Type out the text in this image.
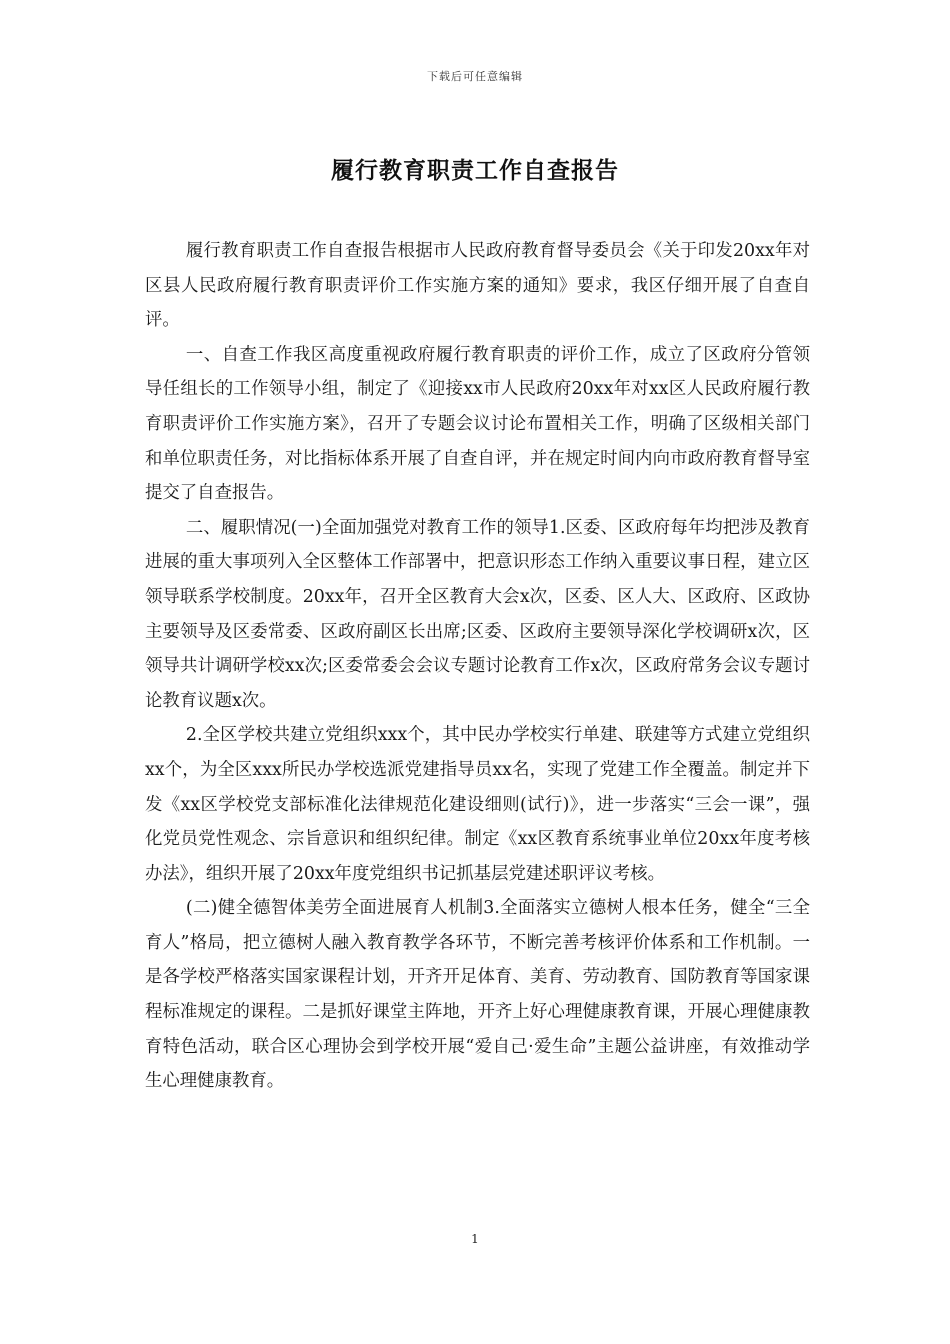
下载后可任意编辑
履行教育职责工作自查报告

履行教育职责工作自查报告根据市人民政府教育督导委员会《关于印发20xx年对区县人民政府履行教育职责评价工作实施方案的通知》要求，我区仔细开展了自查自评。

一、自查工作我区高度重视政府履行教育职责的评价工作，成立了区政府分管领导任组长的工作领导小组，制定了《迎接xx市人民政府20xx年对xx区人民政府履行教育职责评价工作实施方案》，召开了专题会议讨论布置相关工作，明确了区级相关部门和单位职责任务，对比指标体系开展了自查自评，并在规定时间内向市政府教育督导室提交了自查报告。

二、履职情况(一)全面加强党对教育工作的领导1.区委、区政府每年均把涉及教育进展的重大事项列入全区整体工作部署中，把意识形态工作纳入重要议事日程，建立区领导联系学校制度。20xx年，召开全区教育大会x次，区委、区人大、区政府、区政协主要领导及区委常委、区政府副区长出席;区委、区政府主要领导深化学校调研x次，区领导共计调研学校xx次;区委常委会会议专题讨论教育工作x次，区政府常务会议专题讨论教育议题x次。

2.全区学校共建立党组织xxx个，其中民办学校实行单建、联建等方式建立党组织xx个，为全区xxx所民办学校选派党建指导员xx名，实现了党建工作全覆盖。制定并下发《xx区学校党支部标准化法律规范化建设细则(试行)》，进一步落实“三会一课”，强化党员党性观念、宗旨意识和组织纪律。制定《xx区教育系统事业单位20xx年度考核办法》，组织开展了20xx年度党组织书记抓基层党建述职评议考核。

(二)健全德智体美劳全面进展育人机制3.全面落实立德树人根本任务，健全“三全育人”格局，把立德树人融入教育教学各环节，不断完善考核评价体系和工作机制。一是各学校严格落实国家课程计划，开齐开足体育、美育、劳动教育、国防教育等国家课程标准规定的课程。二是抓好课堂主阵地，开齐上好心理健康教育课，开展心理健康教育特色活动，联合区心理协会到学校开展“爱自己·爱生命”主题公益讲座，有效推动学生心理健康教育。

1
